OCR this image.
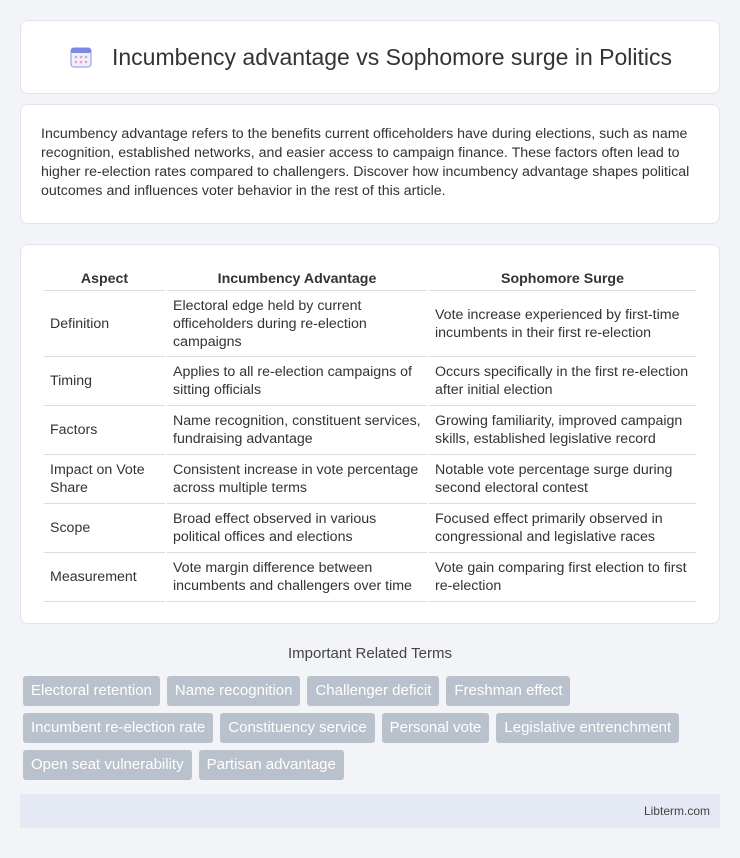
Incumbency advantage vs Sophomore surge in Politics

Incumbency advantage refers to the benefits current officeholders have during elections, such as name recognition, established networks, and easier access to campaign finance. These factors often lead to higher re-election rates compared to challengers. Discover how incumbency advantage shapes political outcomes and influences voter behavior in the rest of this article.

Aspect	Incumbency Advantage	Sophomore Surge
Definition	Electoral edge held by current officeholders during re-election campaigns	Vote increase experienced by first-time incumbents in their first re-election
Timing	Applies to all re-election campaigns of sitting officials	Occurs specifically in the first re-election after initial election
Factors	Name recognition, constituent services, fundraising advantage	Growing familiarity, improved campaign skills, established legislative record
Impact on Vote Share	Consistent increase in vote percentage across multiple terms	Notable vote percentage surge during second electoral contest
Scope	Broad effect observed in various political offices and elections	Focused effect primarily observed in congressional and legislative races
Measurement	Vote margin difference between incumbents and challengers over time	Vote gain comparing first election to first re-election
Important Related Terms
Electoral retention	Name recognition	Challenger deficit	Freshman effect
Incumbent re-election rate	Constituency service	Personal vote	Legislative entrenchment
Open seat vulnerability	Partisan advantage
Libterm.com
